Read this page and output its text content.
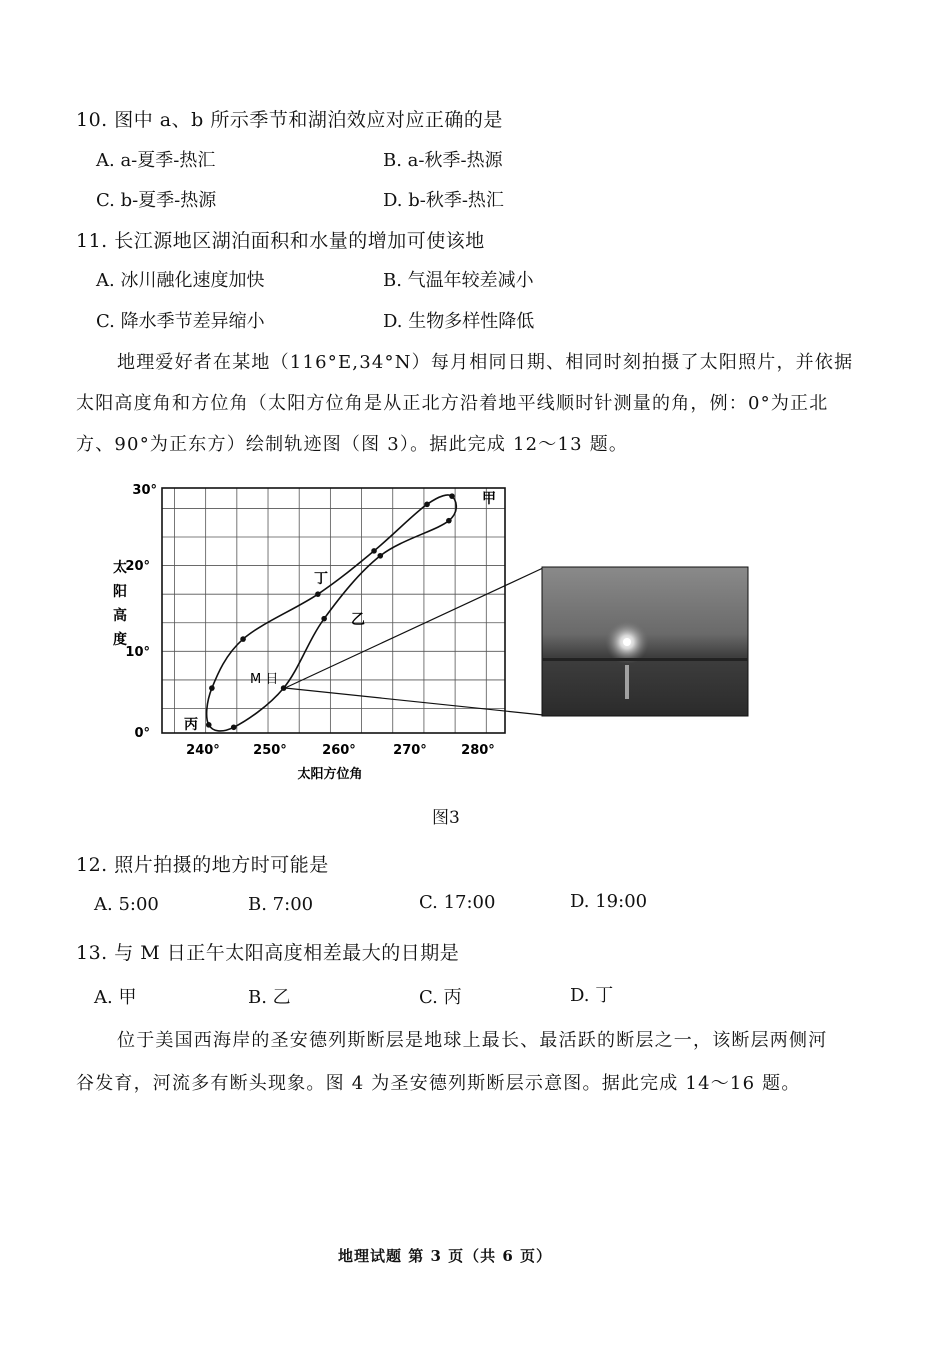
10. 图中 a、b 所示季节和湖泊效应对应正确的是
A. a-夏季-热汇	B. a-秋季-热源
C. b-夏季-热源	D. b-秋季-热汇
11. 长江源地区湖泊面积和水量的增加可使该地
A. 冰川融化速度加快	B. 气温年较差减小
C. 降水季节差异缩小	D. 生物多样性降低
地理爱好者在某地（116°E,34°N）每月相同日期、相同时刻拍摄了太阳照片，并依据
太阳高度角和方位角（太阳方位角是从正北方沿着地平线顺时针测量的角，例：0°为正北
方、90°为正东方）绘制轨迹图（图 3）。据此完成 12～13 题。
0°
10°
20°
30°
240°	250°	260°	270°	280°
太阳方位角
太
阳
高
度
甲
乙
丙
丁
M 日
图3
12. 照片拍摄的地方时可能是
A. 5:00	B. 7:00	C. 17:00	D. 19:00
13. 与 M 日正午太阳高度相差最大的日期是
A. 甲	B. 乙	C. 丙	D. 丁
位于美国西海岸的圣安德列斯断层是地球上最长、最活跃的断层之一，该断层两侧河
谷发育，河流多有断头现象。图 4 为圣安德列斯断层示意图。据此完成 14～16 题。
地理试题 第 3 页（共 6 页）
